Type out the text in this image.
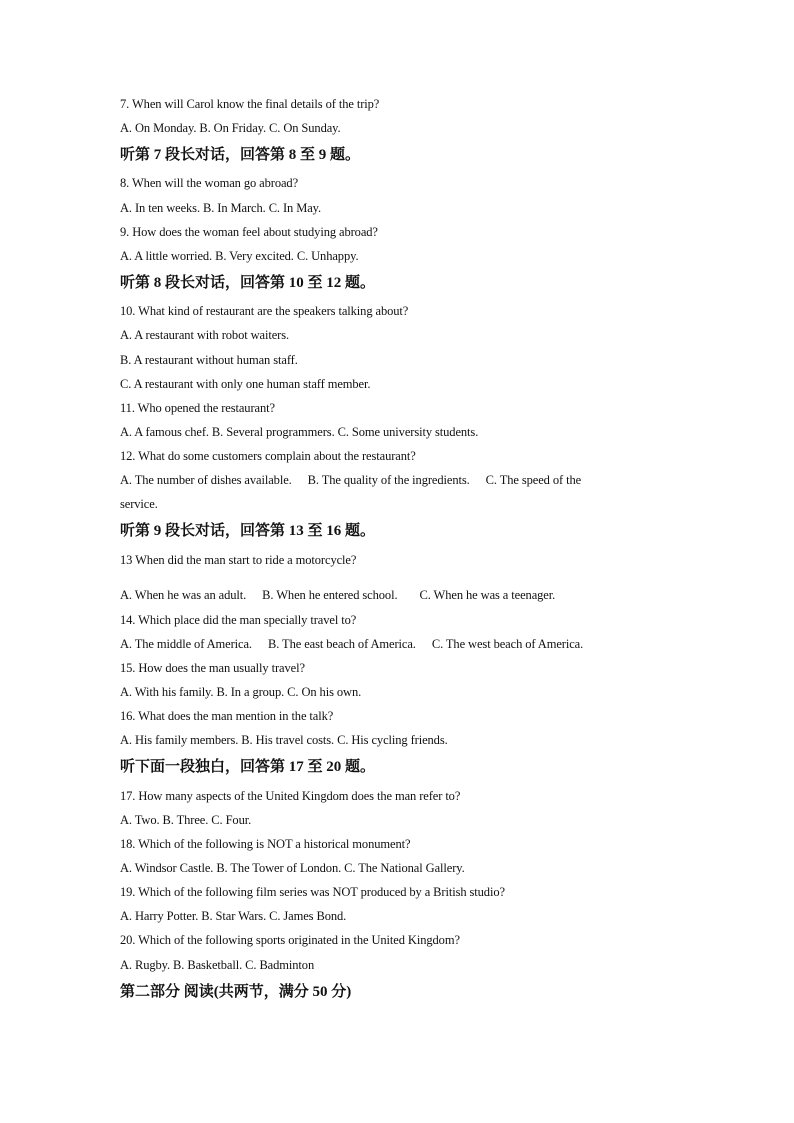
7. When will Carol know the final details of the trip?
A. On Monday. B. On Friday. C. On Sunday.
听第 7 段长对话，回答第 8 至 9 题。
8. When will the woman go abroad?
A. In ten weeks. B. In March. C. In May.
9. How does the woman feel about studying abroad?
A. A little worried. B. Very excited. C. Unhappy.
听第 8 段长对话，回答第 10 至 12 题。
10. What kind of restaurant are the speakers talking about?
A. A restaurant with robot waiters.
B. A restaurant without human staff.
C. A restaurant with only one human staff member.
11. Who opened the restaurant?
A. A famous chef. B. Several programmers. C. Some university students.
12. What do some customers complain about the restaurant?
A. The number of dishes available. B. The quality of the ingredients. C. The speed of the
service.
听第 9 段长对话，回答第 13 至 16 题。
13 When did the man start to ride a motorcycle?
A. When he was an adult. B. When he entered school. C. When he was a teenager.
14. Which place did the man specially travel to?
A. The middle of America. B. The east beach of America. C. The west beach of America.
15. How does the man usually travel?
A. With his family. B. In a group. C. On his own.
16. What does the man mention in the talk?
A. His family members. B. His travel costs. C. His cycling friends.
听下面一段独白，回答第 17 至 20 题。
17. How many aspects of the United Kingdom does the man refer to?
A. Two. B. Three. C. Four.
18. Which of the following is NOT a historical monument?
A. Windsor Castle. B. The Tower of London. C. The National Gallery.
19. Which of the following film series was NOT produced by a British studio?
A. Harry Potter. B. Star Wars. C. James Bond.
20. Which of the following sports originated in the United Kingdom?
A. Rugby. B. Basketball. C. Badminton
第二部分 阅读(共两节，满分 50 分)
